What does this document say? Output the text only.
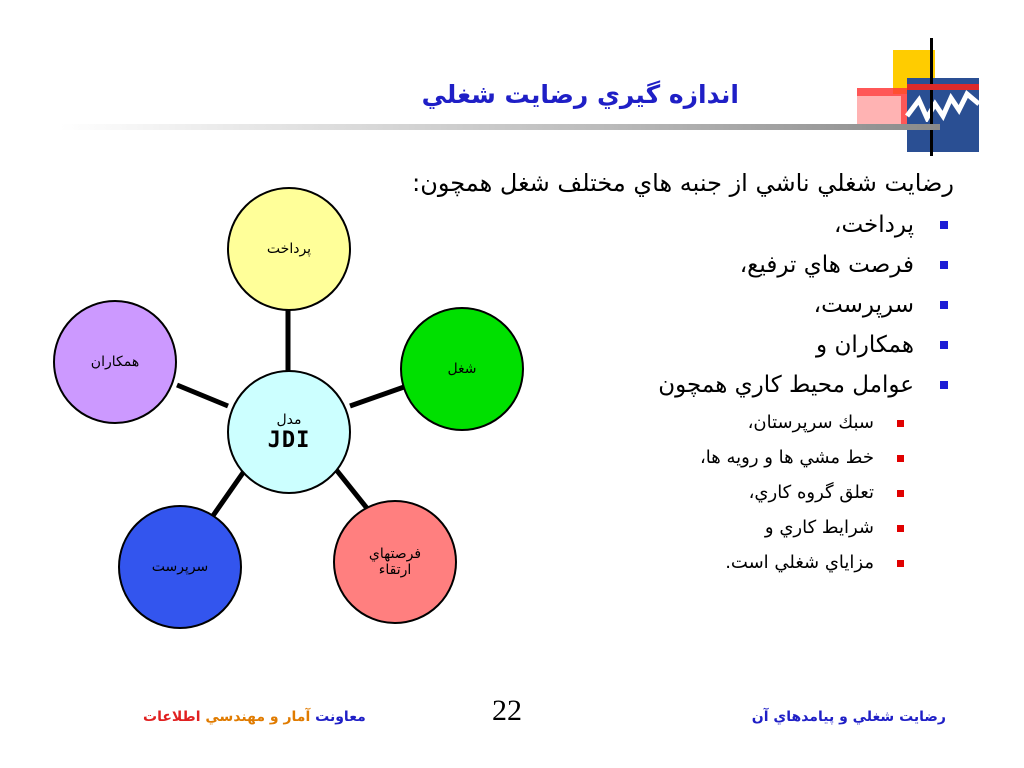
اندازه گيري رضايت شغلي
پرداخت
شغل
فرصتهاي
ارتقاء
سرپرست
همكاران
مدل
JDI

رضايت شغلي ناشي از جنبه هاي مختلف شغل همچون:

پرداخت،
فرصت هاي ترفيع،
سرپرست،
همكاران و
عوامل محيط كاري همچون
سبك سرپرستان،
خط مشي ها و رويه ها،
تعلق گروه كاري،
شرايط كاري و
مزاياي شغلي است.
رضايت شغلي و پيامدهاي آن
22
معاونت آمار و مهندسي اطلاعات
